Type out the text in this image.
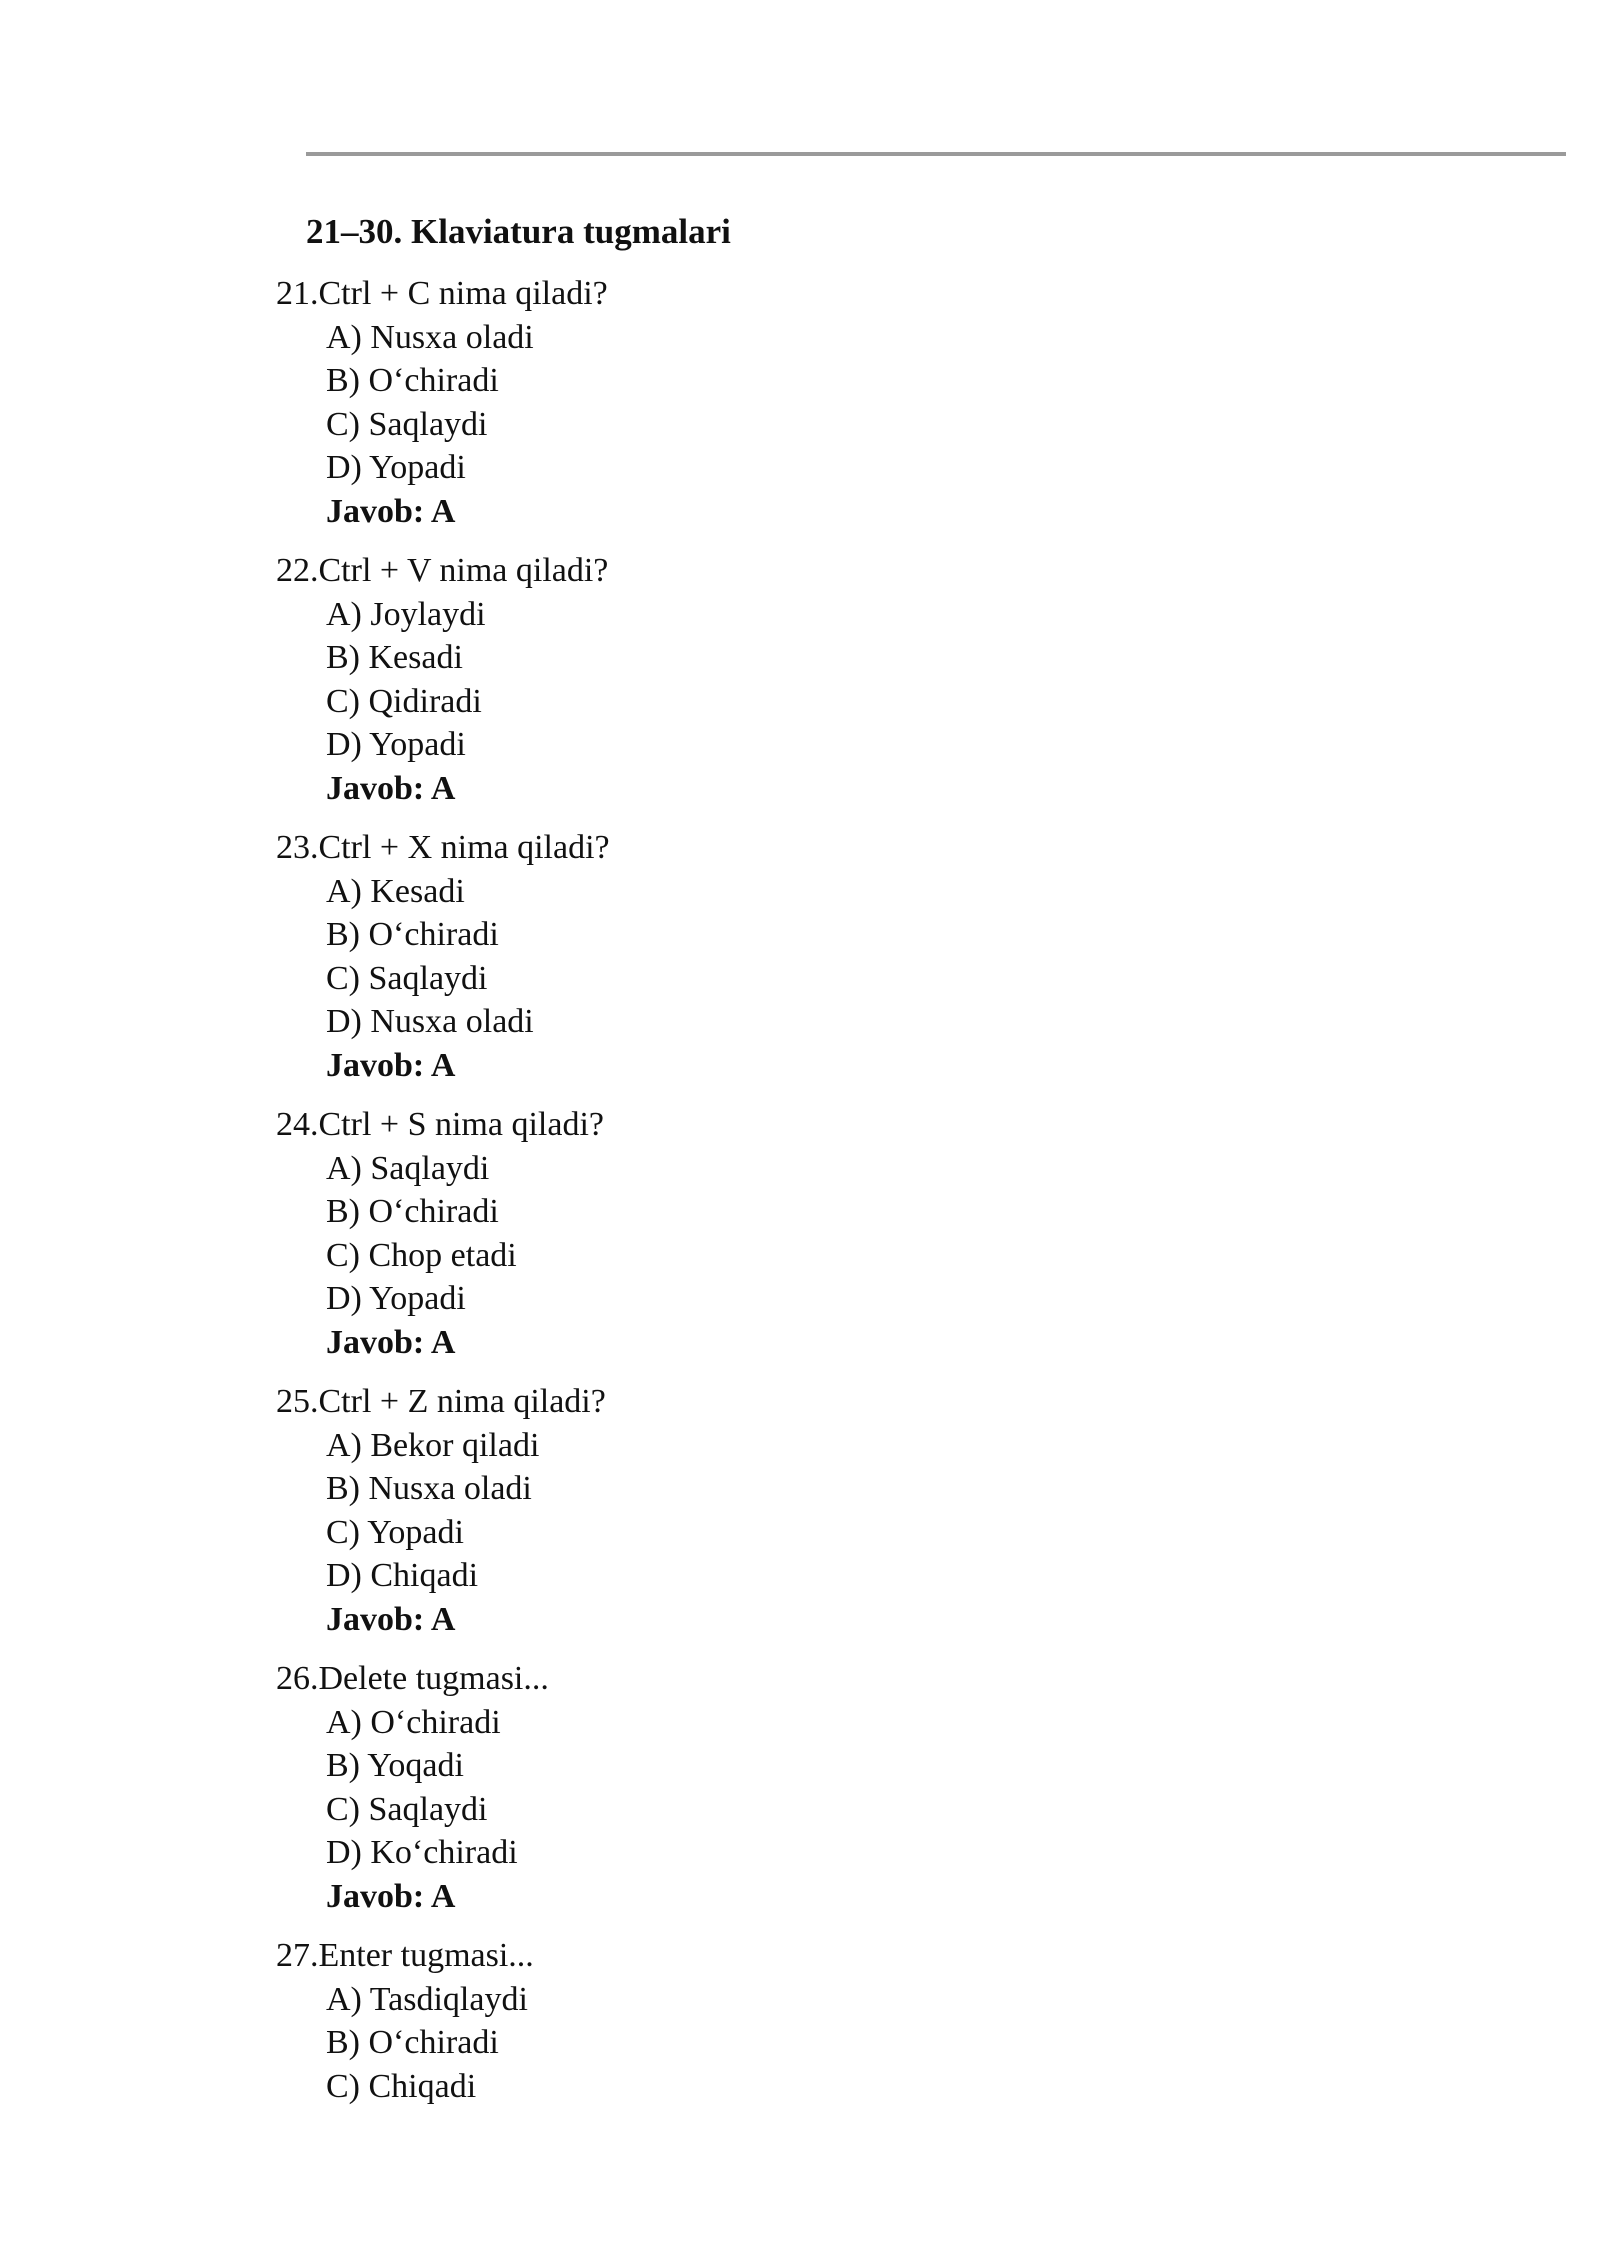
21–30. Klaviatura tugmalari
21.Ctrl + C nima qiladi?
A) Nusxa oladi
B) O‘chiradi
C) Saqlaydi
D) Yopadi
Javob: A
22.Ctrl + V nima qiladi?
A) Joylaydi
B) Kesadi
C) Qidiradi
D) Yopadi
Javob: A
23.Ctrl + X nima qiladi?
A) Kesadi
B) O‘chiradi
C) Saqlaydi
D) Nusxa oladi
Javob: A
24.Ctrl + S nima qiladi?
A) Saqlaydi
B) O‘chiradi
C) Chop etadi
D) Yopadi
Javob: A
25.Ctrl + Z nima qiladi?
A) Bekor qiladi
B) Nusxa oladi
C) Yopadi
D) Chiqadi
Javob: A
26.Delete tugmasi...
A) O‘chiradi
B) Yoqadi
C) Saqlaydi
D) Ko‘chiradi
Javob: A
27.Enter tugmasi...
A) Tasdiqlaydi
B) O‘chiradi
C) Chiqadi
